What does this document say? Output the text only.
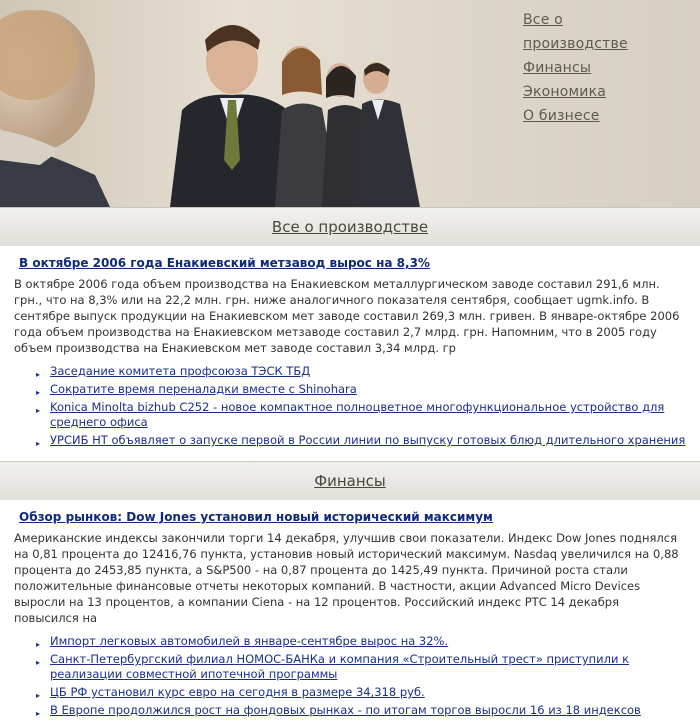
Все о производстве
Финансы
Экономика
О бизнесе
Все о производстве
В октябре 2006 года Енакиевский метзавод вырос на 8,3%

В октябре 2006 года объем производства на Енакиевском металлургическом заводе составил 291,6 млн. грн., что на 8,3% или на 22,2 млн. грн. ниже аналогичного показателя сентября, сообщает ugmk.info. В сентябре выпуск продукции на Енакиевском мет заводе составил 269,3 млн. гривен. В январе-октябре 2006 года объем производства на Енакиевском метзаводе составил 2,7 млрд. грн. Напомним, что в 2005 году объем производства на Енакиевском мет заводе составил 3,34 млрд. гр

▸ Заседание комитета профсоюза ТЭСК ТБД
▸ Сократите время переналадки вместе с Shinohara
▸ Konica Minolta bizhub C252 - новое компактное полноцветное многофункциональное устройство для среднего офиса
▸ УРСИБ НТ объявляет о запуске первой в России линии по выпуску готовых блюд длительного хранения
Финансы
Обзор рынков: Dow Jones установил новый исторический максимум

Американские индексы закончили торги 14 декабря, улучшив свои показатели. Индекс Dow Jones поднялся на 0,81 процента до 12416,76 пункта, установив новый исторический максимум. Nasdaq увеличился на 0,88 процента до 2453,85 пункта, а S&P500 - на 0,87 процента до 1425,49 пункта. Причиной роста стали положительные финансовые отчеты некоторых компаний. В частности, акции Advanced Micro Devices выросли на 13 процентов, а компании Ciena - на 12 процентов. Российский индекс РТС 14 декабря повысился на

▸ Импорт легковых автомобилей в январе-сентябре вырос на 32%.
▸ Санкт-Петербургский филиал НОМОС-БАНКа и компания «Строительный трест» приступили к реализации совместной ипотечной программы
▸ ЦБ РФ установил курс евро на сегодня в размере 34,318 руб.
▸ В Европе продолжился рост на фондовых рынках - по итогам торгов выросли 16 из 18 индексов
